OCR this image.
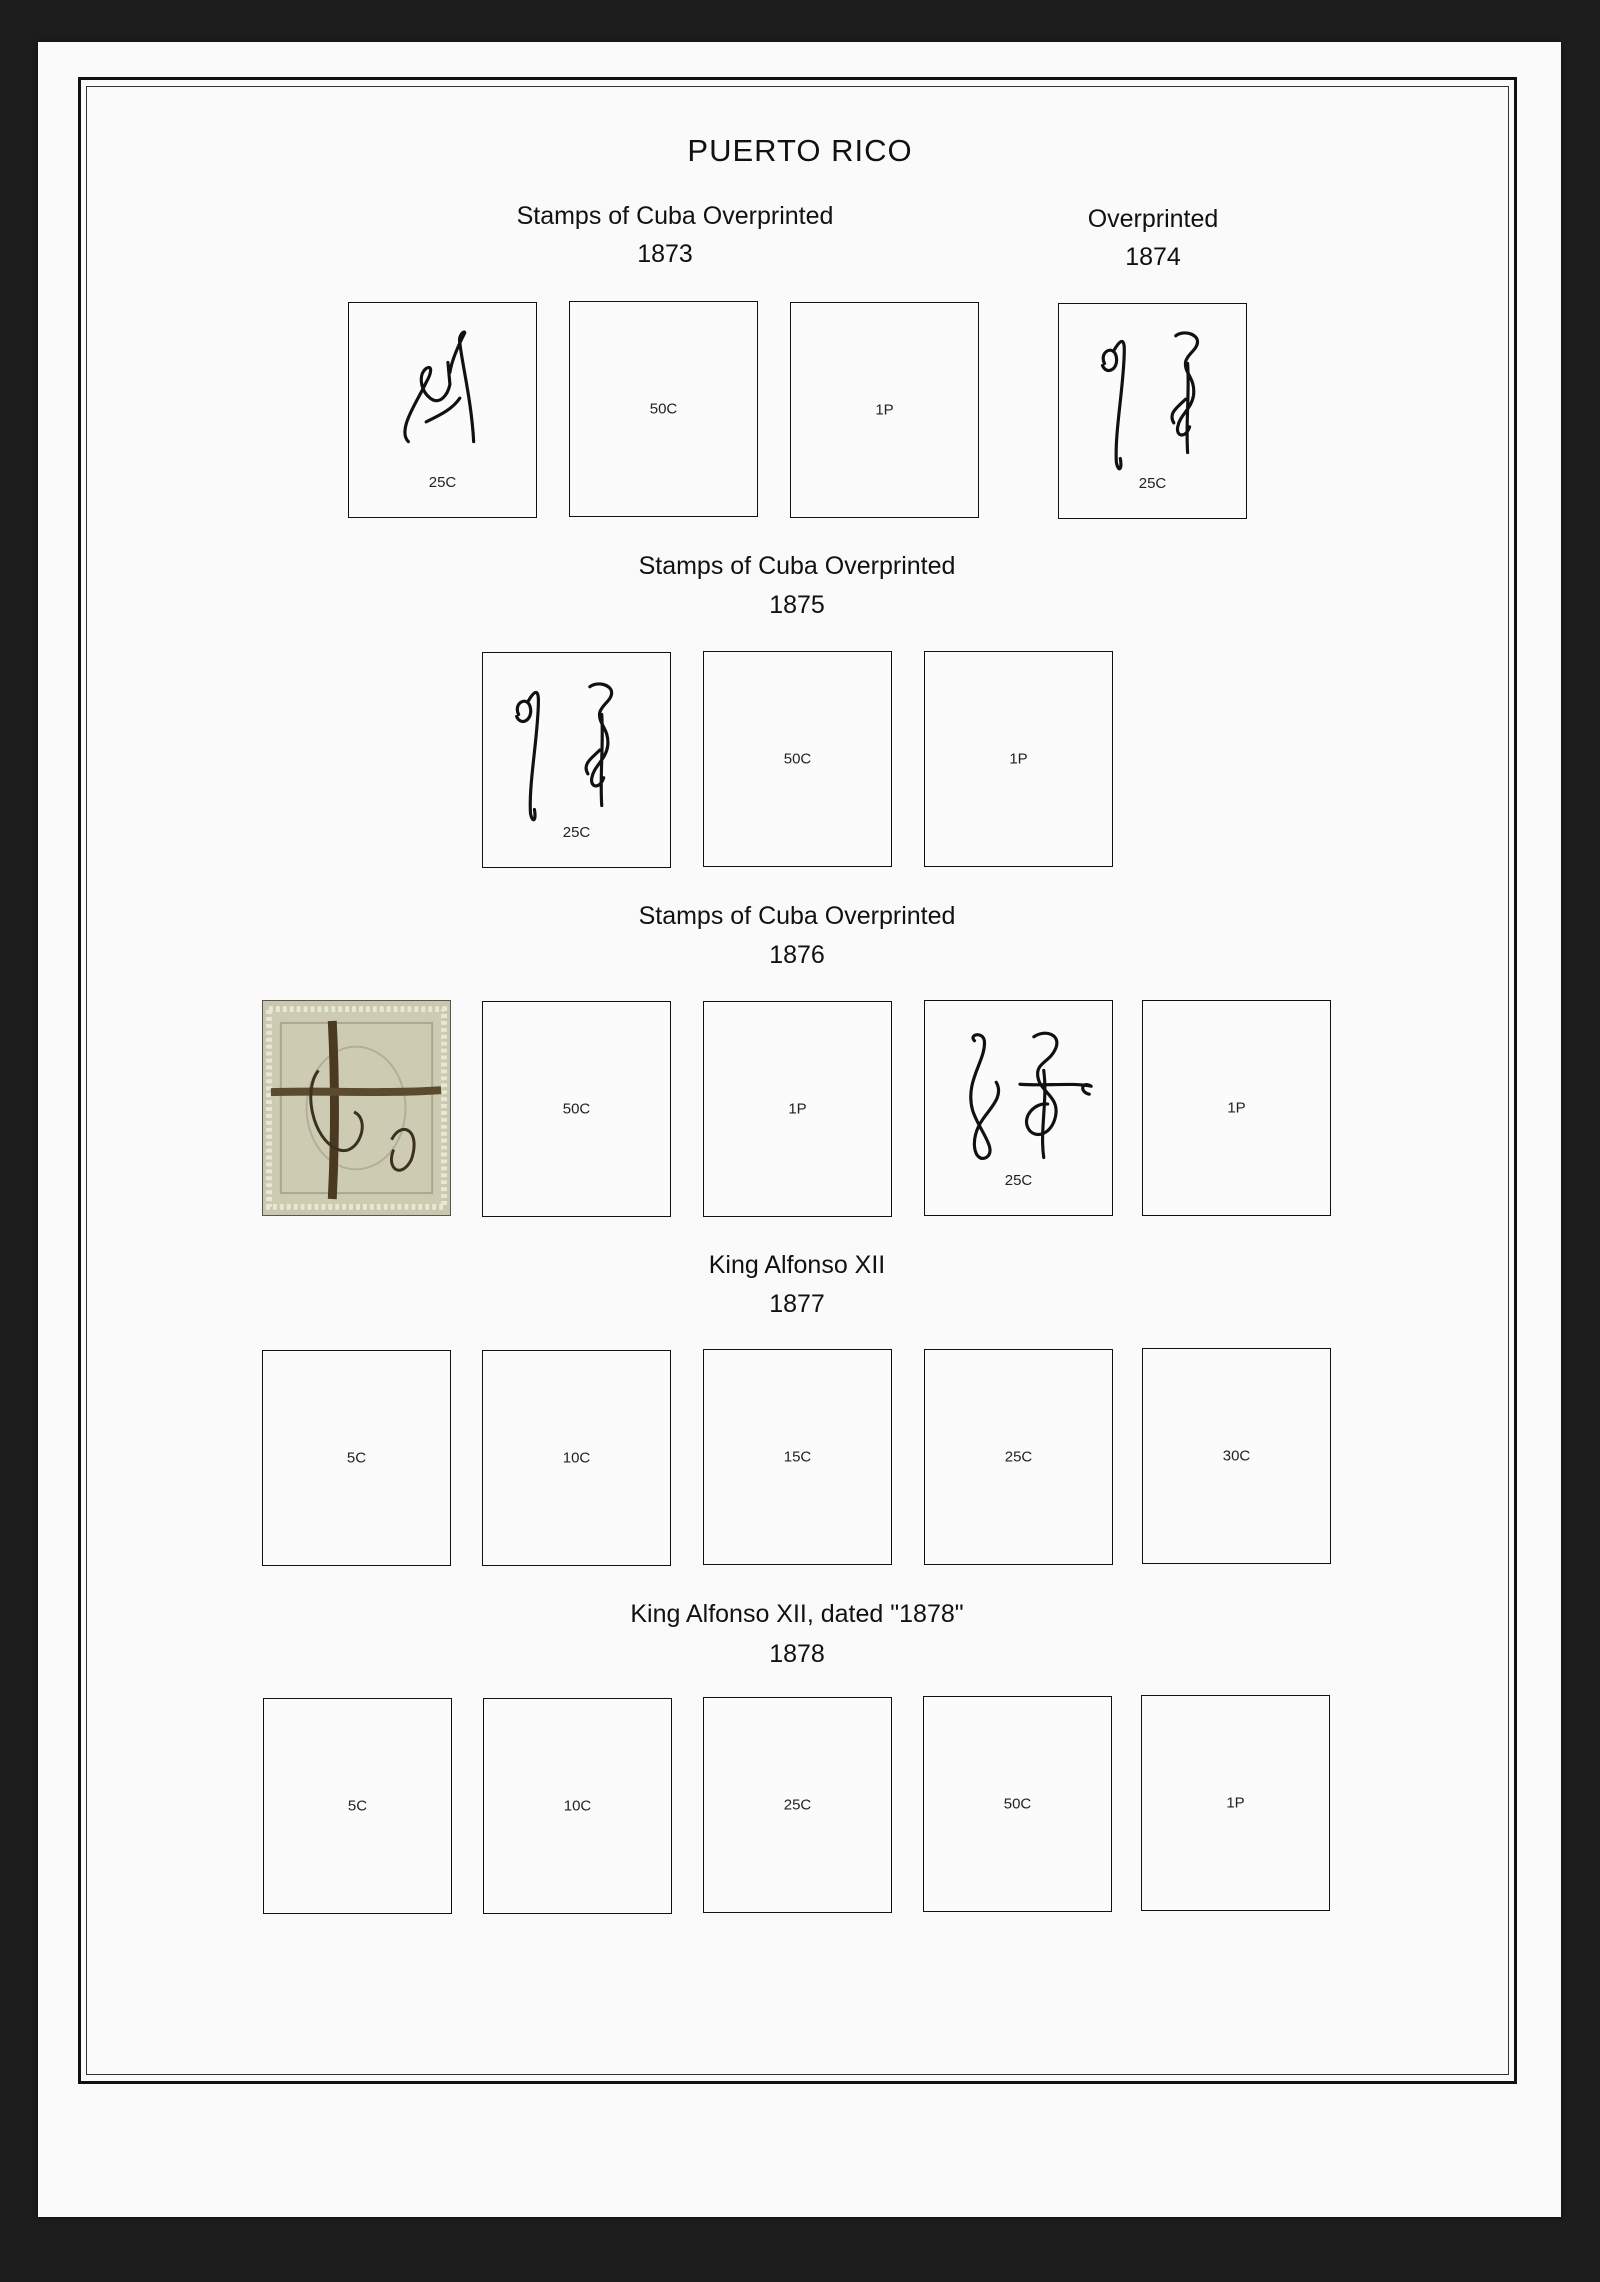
PUERTO RICO
Stamps of Cuba Overprinted
1873
25C
50C	1P
Overprinted
1874
25C
Stamps of Cuba Overprinted
1875
25C
50C	1P
Stamps of Cuba Overprinted
1876
50C	1P
25C
1P
King Alfonso XII
1877
5C	10C	15C	25C	30C
King Alfonso XII, dated "1878"
1878
5C	10C	25C	50C	1P
